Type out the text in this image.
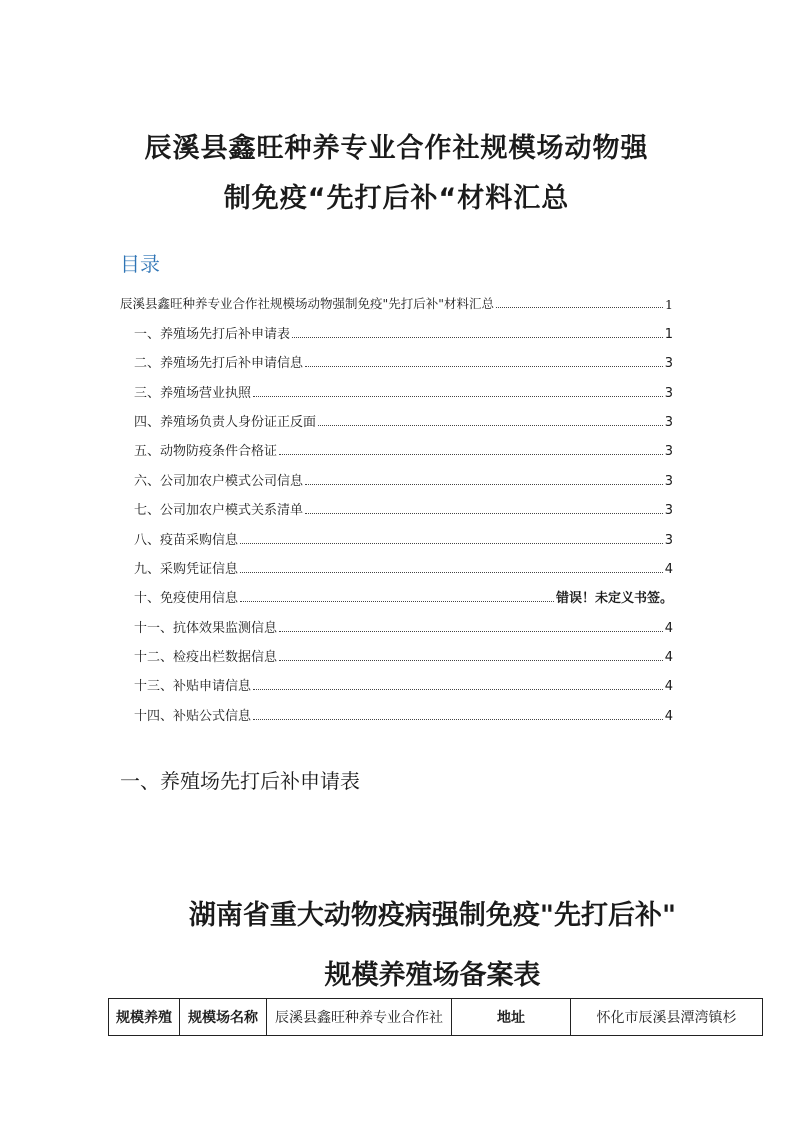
辰溪县鑫旺种养专业合作社规模场动物强
制免疫“先打后补“材料汇总
目录
辰溪县鑫旺种养专业合作社规模场动物强制免疫"先打后补"材料汇总	1
一、养殖场先打后补申请表	1
二、养殖场先打后补申请信息	3
三、养殖场营业执照	3
四、养殖场负责人身份证正反面	3
五、动物防疫条件合格证	3
六、公司加农户模式公司信息	3
七、公司加农户模式关系清单	3
八、疫苗采购信息	3
九、采购凭证信息	4
十、免疫使用信息	错误！未定义书签。
十一、抗体效果监测信息	4
十二、检疫出栏数据信息	4
十三、补贴申请信息	4
十四、补贴公式信息	4
一、养殖场先打后补申请表
湖南省重大动物疫病强制免疫"先打后补"
规模养殖场备案表
规模养殖	规模场名称	辰溪县鑫旺种养专业合作社	地址	怀化市辰溪县潭湾镇杉
